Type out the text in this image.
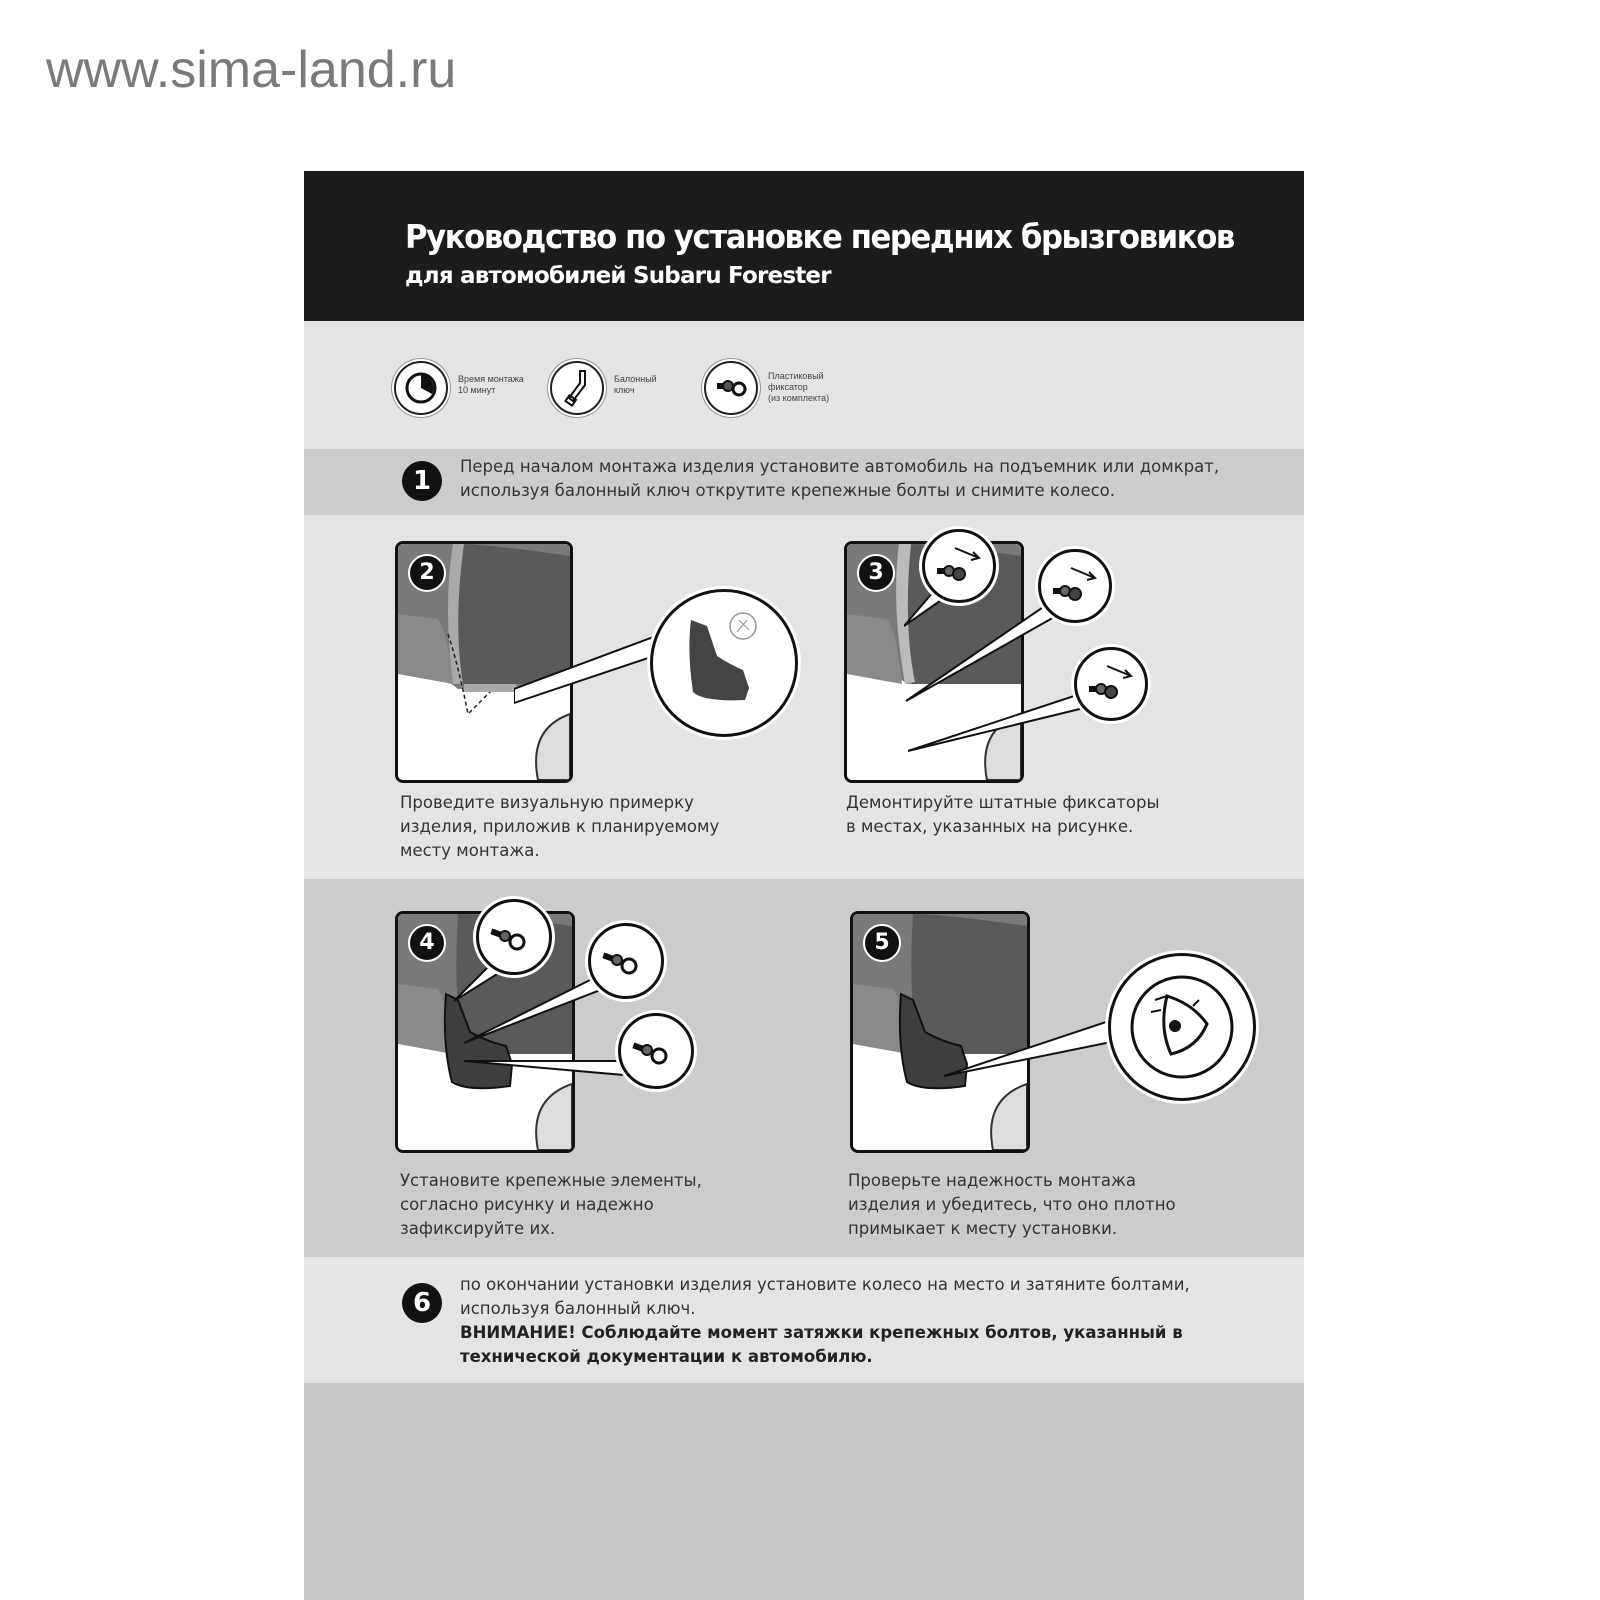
www.sima-land.ru
Руководство по установке передних брызговиков
для автомобилей Subaru Forester
Время монтажа
10 минут
Балонный
ключ
Пластиковый
фиксатор
(из комплекта)
1	Перед началом монтажа изделия установите автомобиль на подъемник или домкрат,
используя балонный ключ открутите крепежные болты и снимите колесо.
2
Проведите визуальную примерку
изделия, приложив к планируемому
месту монтажа.
3
Демонтируйте штатные фиксаторы
в местах, указанных на рисунке.
4
Установите крепежные элементы,
согласно рисунку и надежно
зафиксируйте их.
5
Проверьте надежность монтажа
изделия и убедитесь, что оно плотно
примыкает к месту установки.
6
по окончании установки изделия установите колесо на место и затяните болтами,
используя балонный ключ.
ВНИМАНИЕ! Соблюдайте момент затяжки крепежных болтов, указанный в
технической документации к автомобилю.
